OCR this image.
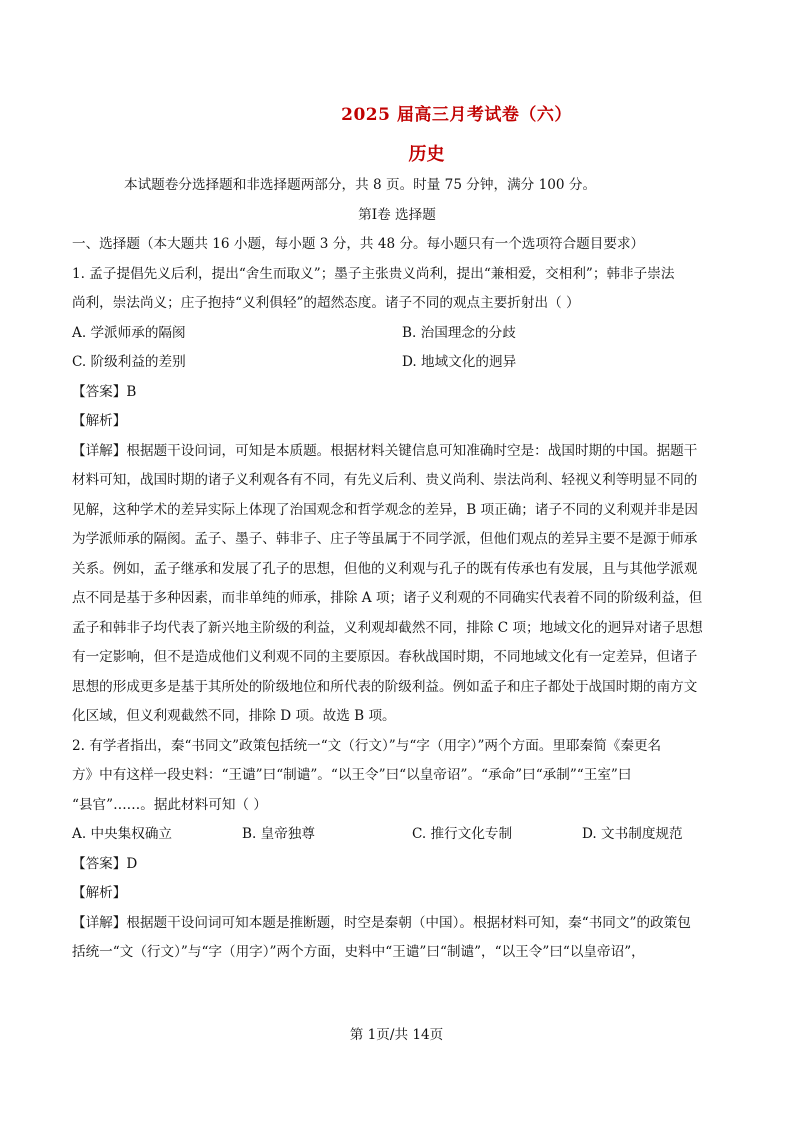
2025 届高三月考试卷（六）
历史
本试题卷分选择题和非选择题两部分，共 8 页。时量 75 分钟，满分 100 分。
第Ⅰ卷 选择题
一、选择题（本大题共 16 小题，每小题 3 分，共 48 分。每小题只有一个选项符合题目要求）
1. 孟子提倡先义后利，提出“舍生而取义”；墨子主张贵义尚利，提出“兼相爱，交相利”；韩非子崇法
尚利，崇法尚义；庄子抱持“义利俱轻”的超然态度。诸子不同的观点主要折射出（ ）
A. 学派师承的隔阂	B. 治国理念的分歧
C. 阶级利益的差别	D. 地域文化的迥异
【答案】B
【解析】
【详解】根据题干设问词，可知是本质题。根据材料关键信息可知准确时空是：战国时期的中国。据题干
材料可知，战国时期的诸子义利观各有不同，有先义后利、贵义尚利、崇法尚利、轻视义利等明显不同的
见解，这种学术的差异实际上体现了治国观念和哲学观念的差异，B 项正确；诸子不同的义利观并非是因
为学派师承的隔阂。孟子、墨子、韩非子、庄子等虽属于不同学派，但他们观点的差异主要不是源于师承
关系。例如，孟子继承和发展了孔子的思想，但他的义利观与孔子的既有传承也有发展，且与其他学派观
点不同是基于多种因素，而非单纯的师承，排除 A 项；诸子义利观的不同确实代表着不同的阶级利益，但
孟子和韩非子均代表了新兴地主阶级的利益，义利观却截然不同，排除 C 项；地域文化的迥异对诸子思想
有一定影响，但不是造成他们义利观不同的主要原因。春秋战国时期，不同地域文化有一定差异，但诸子
思想的形成更多是基于其所处的阶级地位和所代表的阶级利益。例如孟子和庄子都处于战国时期的南方文
化区域，但义利观截然不同，排除 D 项。故选 B 项。
2. 有学者指出，秦“书同文”政策包括统一“文（行文）”与“字（用字）”两个方面。里耶秦简《秦更名
方》中有这样一段史料：“王谴”曰“制谴”。“以王令”曰“以皇帝诏”。“承命”曰“承制”“王室”曰
“县官”……。据此材料可知（ ）
A. 中央集权确立	B. 皇帝独尊	C. 推行文化专制	D. 文书制度规范
【答案】D
【解析】
【详解】根据题干设问词可知本题是推断题，时空是秦朝（中国）。根据材料可知，秦“书同文”的政策包
括统一“文（行文）”与“字（用字）”两个方面，史料中“王谴”曰“制谴”，“以王令”曰“以皇帝诏”，
第 1页/共 14页
